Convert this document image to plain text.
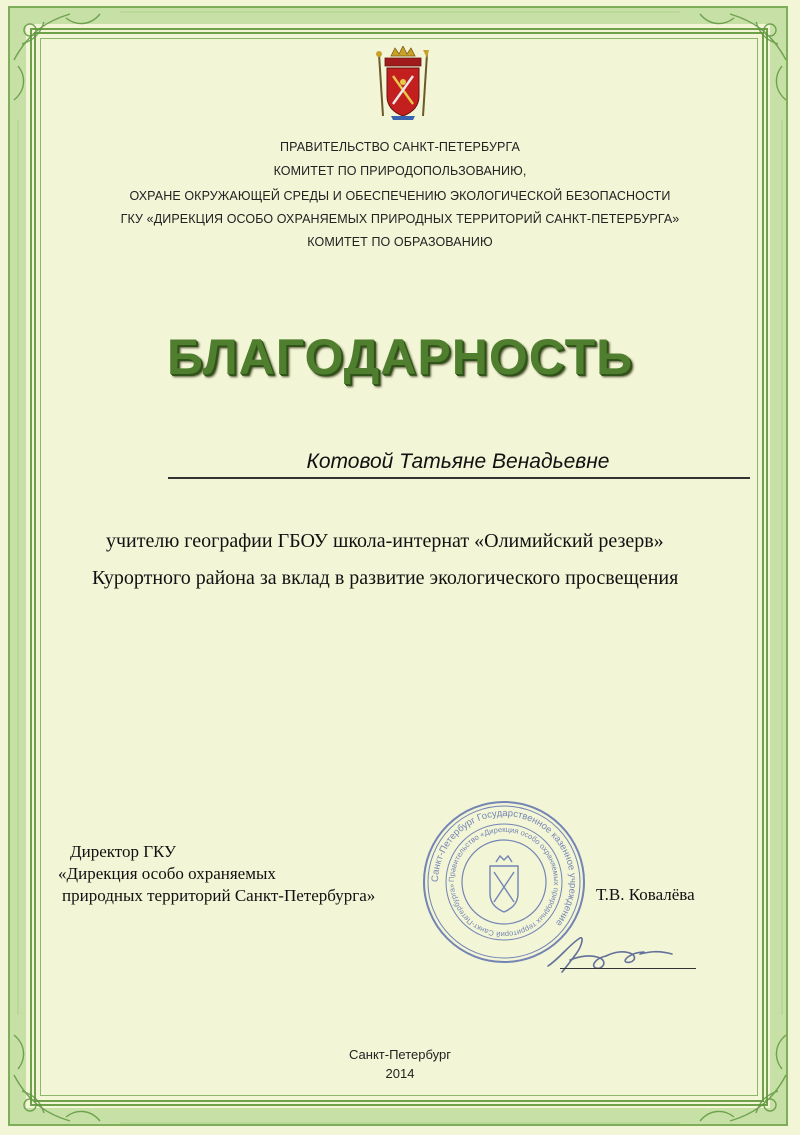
ПРАВИТЕЛЬСТВО САНКТ-ПЕТЕРБУРГА
КОМИТЕТ ПО ПРИРОДОПОЛЬЗОВАНИЮ,
ОХРАНЕ ОКРУЖАЮЩЕЙ СРЕДЫ И ОБЕСПЕЧЕНИЮ ЭКОЛОГИЧЕСКОЙ БЕЗОПАСНОСТИ
ГКУ «ДИРЕКЦИЯ ОСОБО ОХРАНЯЕМЫХ ПРИРОДНЫХ ТЕРРИТОРИЙ САНКТ-ПЕТЕРБУРГА»
КОМИТЕТ ПО ОБРАЗОВАНИЮ
БЛАГОДАРНОСТЬ
Котовой Татьяне Венадьевне
учителю географии ГБОУ школа-интернат «Олимийский резерв»
Курортного района за вклад в развитие экологического просвещения
Директор ГКУ
«Дирекция особо охраняемых
природных территорий Санкт-Петербурга»
Санкт-Петербург Государственное казенное учреждение
Правительство «Дирекция особо охраняемых природных территорий Санкт-Петербурга»	Т.В. Ковалёва
Санкт-Петербург
2014
